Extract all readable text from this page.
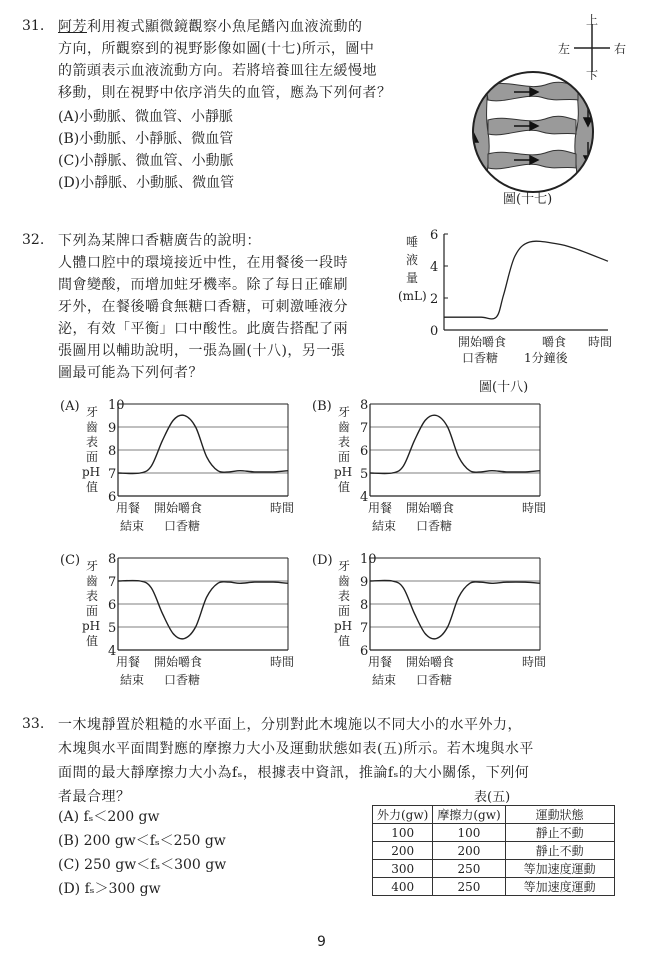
31. 阿芳利用複式顯微鏡觀察小魚尾鰭內血液流動的
方向，所觀察到的視野影像如圖(十七)所示，圖中
的箭頭表示血液流動方向。若將培養皿往左緩慢地
移動，則在視野中依序消失的血管，應為下列何者？
(A)小動脈、微血管、小靜脈
(B)小動脈、小靜脈、微血管
(C)小靜脈、微血管、小動脈
(D)小靜脈、小動脈、微血管
上
下
左	右
圖(十七)
32. 下列為某牌口香糖廣告的說明：
人體口腔中的環境接近中性，在用餐後一段時
間會變酸，而增加蛀牙機率。除了每日正確刷
牙外，在餐後嚼食無糖口香糖，可刺激唾液分
泌，有效「平衡」口中酸性。此廣告搭配了兩
張圖用以輔助說明，一張為圖(十八)，另一張
圖最可能為下列何者？
唾
液
量
(mL)
0
2
4
6
開始嚼食
口香糖
嚼食
1分鐘後
時間
圖(十八)
(A) 牙
齒
表
面
pH
值
6
7
8
9
10
用餐
結束
開始嚼食
口香糖
時間
(B) 牙
齒
表
面
pH
值
4
5
6
7
8
用餐
結束
開始嚼食
口香糖
時間
(C) 牙
齒
表
面
pH
值
4
5
6
7
8
用餐
結束
開始嚼食
口香糖
時間
(D) 牙
齒
表
面
pH
值
6
7
8
9
10
用餐
結束
開始嚼食
口香糖
時間
33. 一木塊靜置於粗糙的水平面上，分別對此木塊施以不同大小的水平外力，
木塊與水平面間對應的摩擦力大小及運動狀態如表(五)所示。若木塊與水平
面間的最大靜摩擦力大小為fₛ，根據表中資訊，推論fₛ的大小關係，下列何
者最合理？
(A) fₛ＜200 gw
(B) 200 gw＜fₛ＜250 gw
(C) 250 gw＜fₛ＜300 gw
(D) fₛ＞300 gw
表(五)
外力(gw)	摩擦力(gw)	運動狀態
100	100	靜止不動
200	200	靜止不動
300	250	等加速度運動
400	250	等加速度運動
9
